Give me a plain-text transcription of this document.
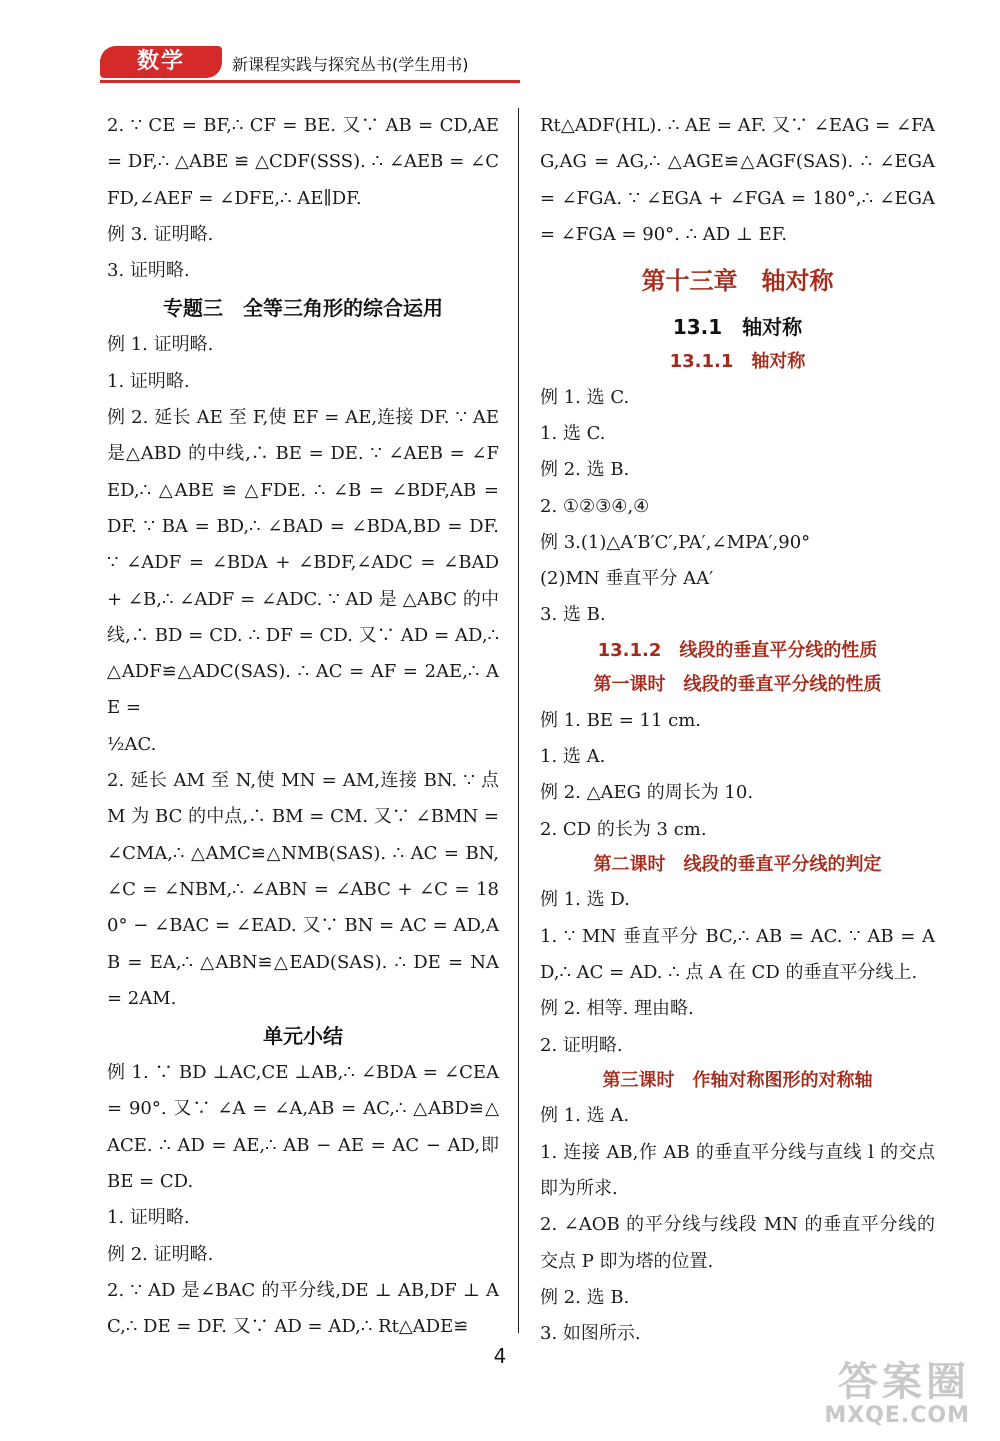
数学	新课程实践与探究丛书(学生用书)
2. ∵ CE = BF,∴ CF = BE. 又∵ AB = CD,AE = DF,∴ △ABE ≌ △CDF(SSS). ∴ ∠AEB = ∠CFD,∠AEF = ∠DFE,∴ AE∥DF.
例 3. 证明略.
3. 证明略.
专题三　全等三角形的综合运用
例 1. 证明略.
1. 证明略.
例 2. 延长 AE 至 F,使 EF = AE,连接 DF. ∵ AE是△ABD 的中线,∴ BE = DE. ∵ ∠AEB = ∠FED,∴ △ABE ≌ △FDE. ∴ ∠B = ∠BDF,AB = DF. ∵ BA = BD,∴ ∠BAD = ∠BDA,BD = DF. ∵ ∠ADF = ∠BDA + ∠BDF,∠ADC = ∠BAD + ∠B,∴ ∠ADF = ∠ADC. ∵ AD 是 △ABC 的中线,∴ BD = CD. ∴ DF = CD. 又∵ AD = AD,∴ △ADF≌△ADC(SAS). ∴ AC = AF = 2AE,∴ AE =
½AC.
2. 延长 AM 至 N,使 MN = AM,连接 BN. ∵ 点 M 为 BC 的中点,∴ BM = CM. 又∵ ∠BMN = ∠CMA,∴ △AMC≌△NMB(SAS). ∴ AC = BN,∠C = ∠NBM,∴ ∠ABN = ∠ABC + ∠C = 180° − ∠BAC = ∠EAD. 又∵ BN = AC = AD,AB = EA,∴ △ABN≌△EAD(SAS). ∴ DE = NA = 2AM.
单元小结
例 1. ∵ BD ⊥AC,CE ⊥AB,∴ ∠BDA = ∠CEA = 90°. 又∵ ∠A = ∠A,AB = AC,∴ △ABD≌△ACE. ∴ AD = AE,∴ AB − AE = AC − AD,即 BE = CD.
1. 证明略.
例 2. 证明略.
2. ∵ AD 是∠BAC 的平分线,DE ⊥ AB,DF ⊥ AC,∴ DE = DF. 又∵ AD = AD,∴ Rt△ADE≌
Rt△ADF(HL). ∴ AE = AF. 又∵ ∠EAG = ∠FAG,AG = AG,∴ △AGE≌△AGF(SAS). ∴ ∠EGA = ∠FGA. ∵ ∠EGA + ∠FGA = 180°,∴ ∠EGA = ∠FGA = 90°. ∴ AD ⊥ EF.
第十三章　轴对称
13.1　轴对称
13.1.1　轴对称
例 1. 选 C.
1. 选 C.
例 2. 选 B.
2. ①②③④,④
例 3.(1)△A′B′C′,PA′,∠MPA′,90°
(2)MN 垂直平分 AA′
3. 选 B.
13.1.2　线段的垂直平分线的性质
第一课时　线段的垂直平分线的性质
例 1. BE = 11 cm.
1. 选 A.
例 2. △AEG 的周长为 10.
2. CD 的长为 3 cm.
第二课时　线段的垂直平分线的判定
例 1. 选 D.
1. ∵ MN 垂直平分 BC,∴ AB = AC. ∵ AB = AD,∴ AC = AD. ∴ 点 A 在 CD 的垂直平分线上.
例 2. 相等. 理由略.
2. 证明略.
第三课时　作轴对称图形的对称轴
例 1. 选 A.
1. 连接 AB,作 AB 的垂直平分线与直线 l 的交点即为所求.
2. ∠AOB 的平分线与线段 MN 的垂直平分线的交点 P 即为塔的位置.
例 2. 选 B.
3. 如图所示.
4
答案圈
MXQE.COM
